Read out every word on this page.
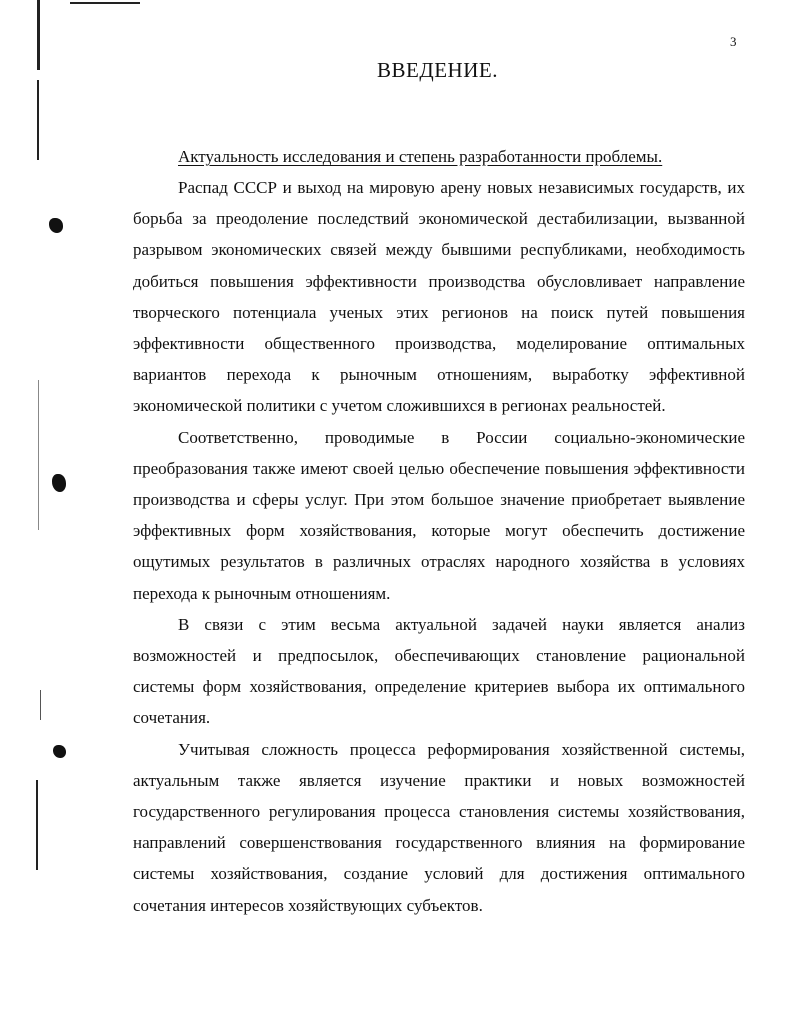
3
ВВЕДЕНИЕ.
Актуальность исследования и степень разработанности проблемы.

Распад СССР и выход на мировую арену новых независимых государств, их борьба за преодоление последствий экономической дестабилизации, вызванной разрывом экономических связей между бывшими республиками, необходимость добиться повышения эффективности производства обусловливает направление творческого потенциала ученых этих регионов на поиск путей повышения эффективности общественного производства, моделирование оптимальных вариантов перехода к рыночным отношениям, выработку эффективной экономической политики с учетом сложившихся в регионах реальностей.

Соответственно, проводимые в России социально-экономические преобразования также имеют своей целью обеспечение повышения эффективности производства и сферы услуг. При этом большое значение приобретает выявление эффективных форм хозяйствования, которые могут обеспечить достижение ощутимых результатов в различных отраслях народного хозяйства в условиях перехода к рыночным отношениям.

В связи с этим весьма актуальной задачей науки является анализ возможностей и предпосылок, обеспечивающих становление рациональной системы форм хозяйствования, определение критериев выбора их оптимального сочетания.

Учитывая сложность процесса реформирования хозяйственной системы, актуальным также является изучение практики и новых возможностей государственного регулирования процесса становления системы хозяйствования, направлений совершенствования государственного влияния на формирование системы хозяйствования, создание условий для достижения оптимального сочетания интересов хозяйствующих субъектов.
